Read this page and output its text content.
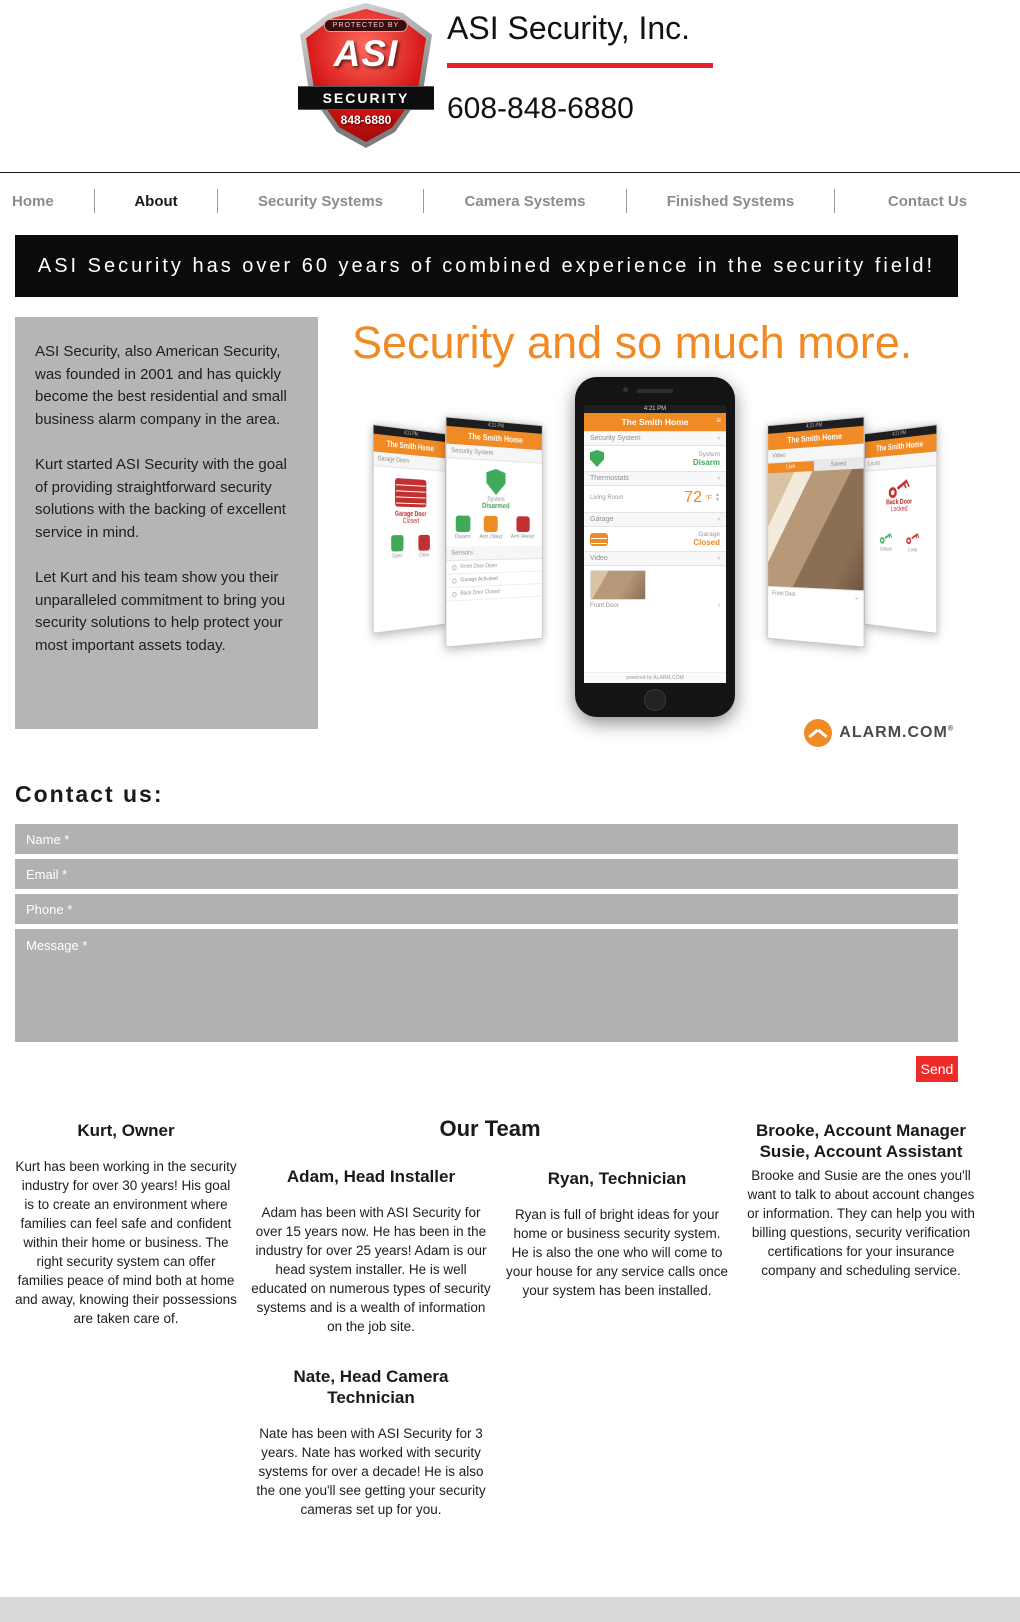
PROTECTED BY
ASI
SECURITY
848-6880
ASI Security, Inc.
608-848-6880
Home	About	Security Systems	Camera Systems	Finished Systems	Contact Us
ASI Security has over 60 years of combined experience in the security field!

ASI Security, also American Security, was founded in 2001 and has quickly become the best residential and small business alarm company in the area.

Kurt started ASI Security with the goal of providing straightforward security solutions with the backing of excellent service in mind.

Let Kurt and his team show you their unparalleled commitment to bring you security solutions to help protect your most important assets today.

Security and so much more.
4:21 PM
The Smith Home
Garage Doors
Garage Door
Closed
Open	Close
4:21 PM
The Smith Home
Security System
System
Disarmed
Disarm Arm (Stay) Arm (Away)
Sensors
Front Door Open
Garage Activated
Back Door Closed
4:21 PM
The Smith Home	≡
Security System	›
System
Disarm
Thermostats	›
Living Room	72 °F ▲
▼
Garage	›
Garage
Closed
Video	›
Front Door	›
powered by ALARM.COM
4:21 PM
The Smith Home
Video
Live	Saved
Front Door
⌄
4:21 PM
The Smith Home
Locks
Back Door
Locked
Unlock	Lock
ALARM.COM®
Contact us:
Name *
Email *
Phone *
Message *
Send
Kurt, Owner

Kurt has been working in the security industry for over 30 years! His goal is to create an environment where families can feel safe and confident within their home or business. The right security system can offer families peace of mind both at home and away, knowing their possessions are taken care of.

Our Team
Adam, Head Installer

Adam has been with ASI Security for over 15 years now. He has been in the industry for over 25 years! Adam is our head system installer. He is well educated on numerous types of security systems and is a wealth of information on the job site.

Nate, Head Camera Technician

Nate has been with ASI Security for 3 years. Nate has worked with security systems for over a decade! He is also the one you'll see getting your security cameras set up for you.

Ryan, Technician

Ryan is full of bright ideas for your home or business security system. He is also the one who will come to your house for any service calls once your system has been installed.

Brooke, Account Manager
Susie, Account Assistant

Brooke and Susie are the ones you'll want to talk to about account changes or information. They can help you with billing questions, security verification certifications for your insurance company and scheduling service.
